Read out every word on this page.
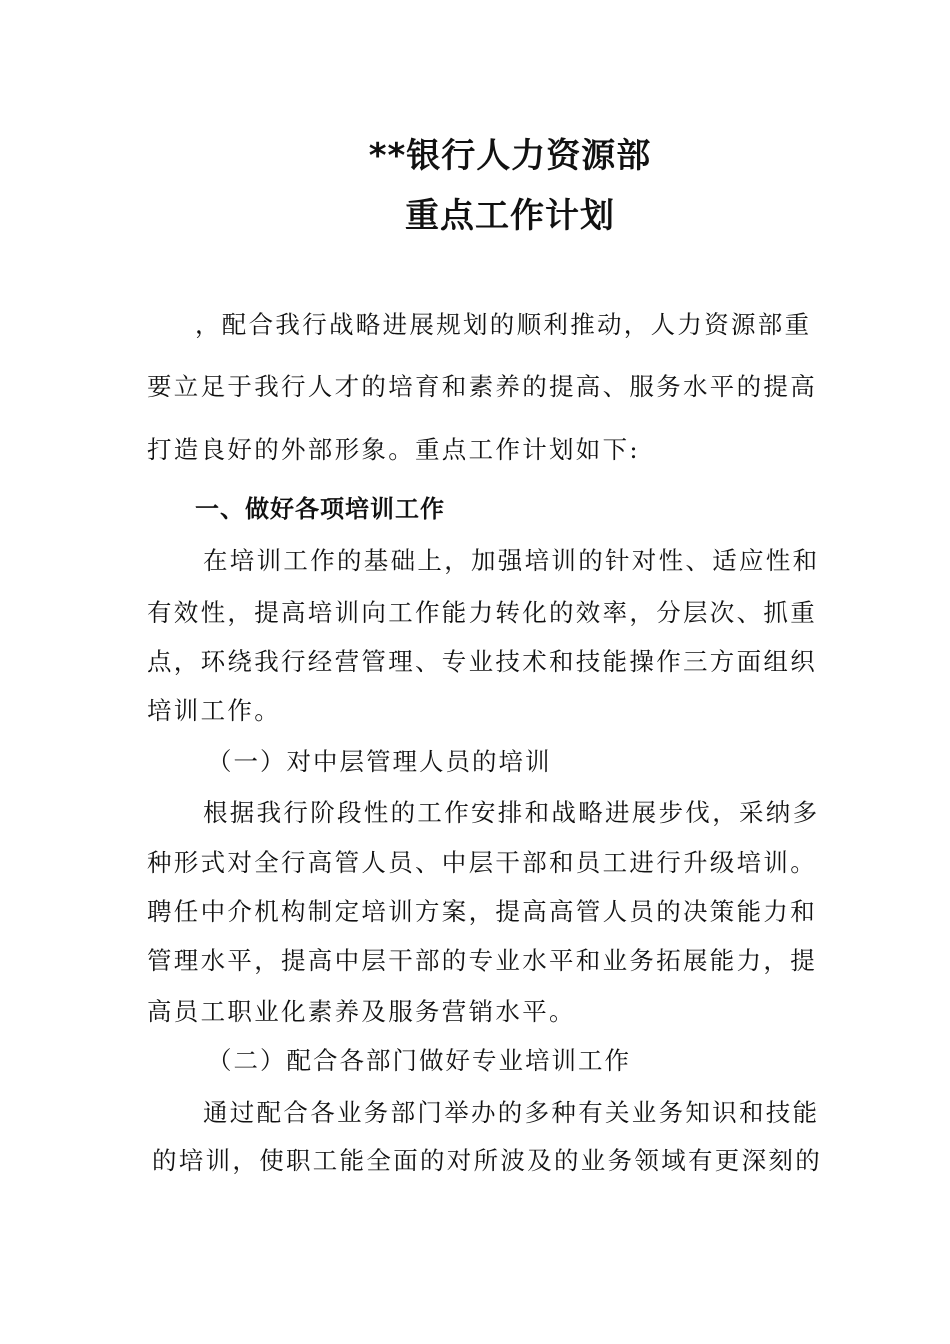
**银行人力资源部
重点工作计划
，配合我行战略进展规划的顺利推动，人力资源部重
要立足于我行人才的培育和素养的提高、服务水平的提高
打造良好的外部形象。重点工作计划如下:
一、做好各项培训工作
在培训工作的基础上，加强培训的针对性、适应性和
有效性，提高培训向工作能力转化的效率，分层次、抓重
点，环绕我行经营管理、专业技术和技能操作三方面组织
培训工作。
（一）对中层管理人员的培训
根据我行阶段性的工作安排和战略进展步伐，采纳多
种形式对全行高管人员、中层干部和员工进行升级培训。
聘任中介机构制定培训方案，提高高管人员的决策能力和
管理水平，提高中层干部的专业水平和业务拓展能力，提
高员工职业化素养及服务营销水平。
（二）配合各部门做好专业培训工作
通过配合各业务部门举办的多种有关业务知识和技能
的培训，使职工能全面的对所波及的业务领域有更深刻的
